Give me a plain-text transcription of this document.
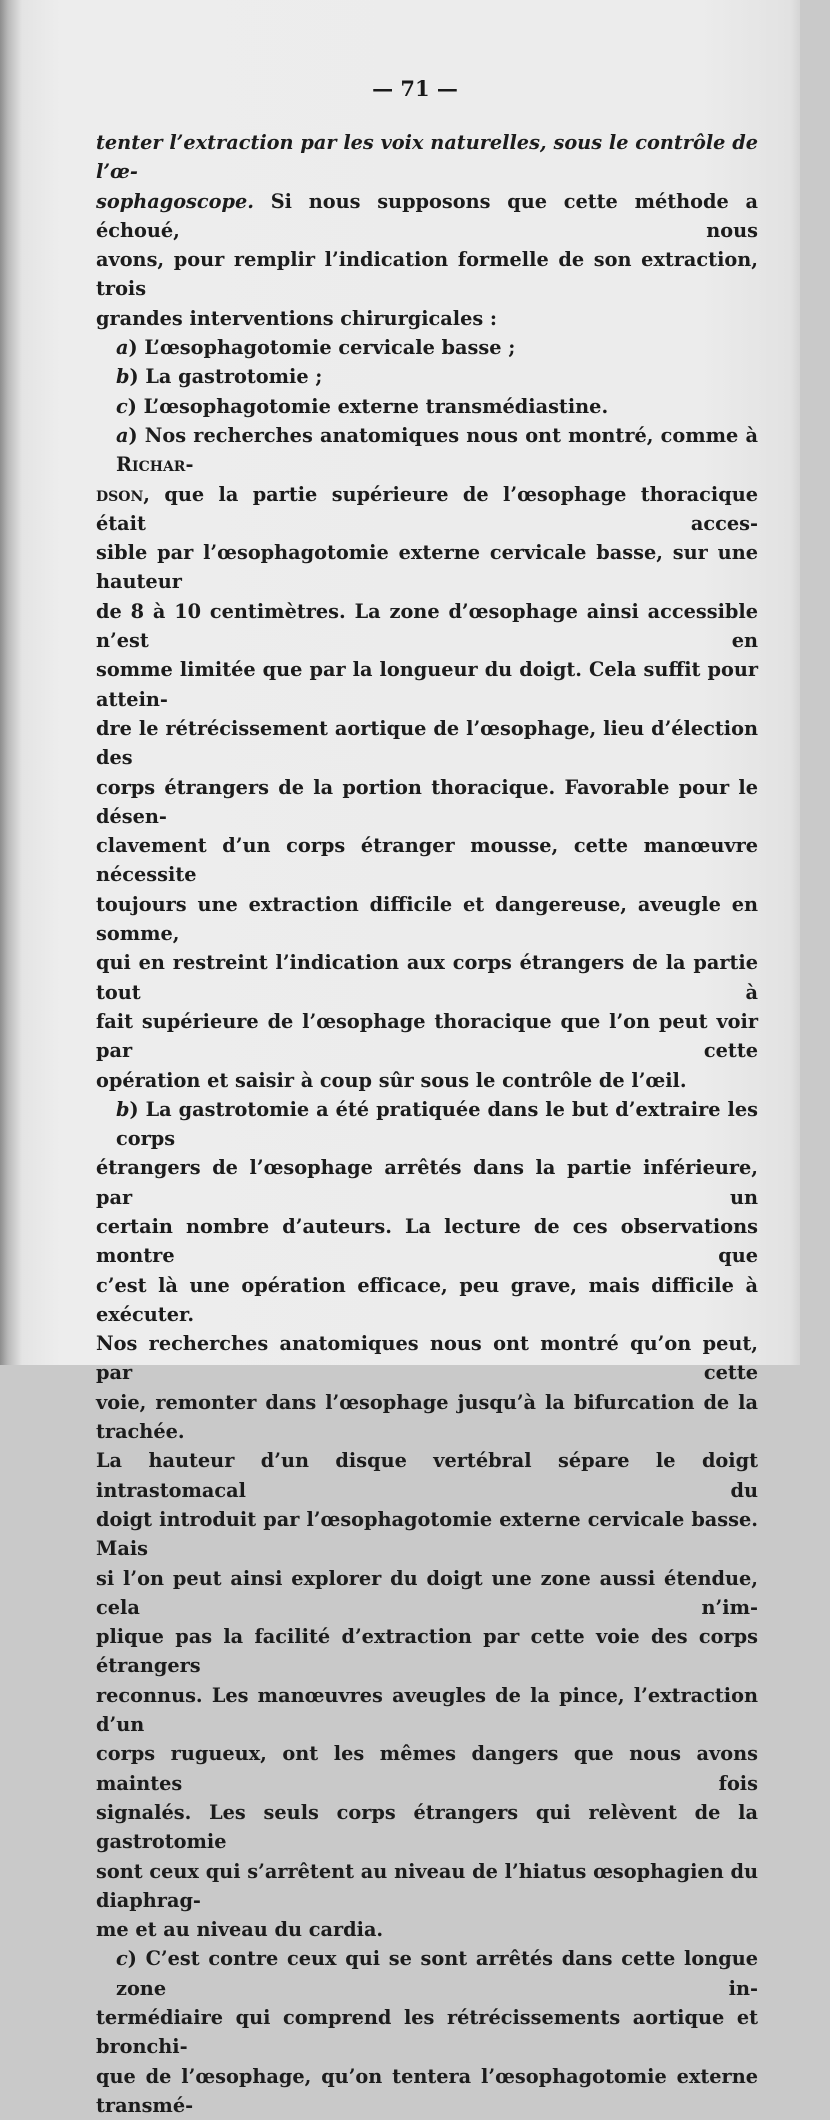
— 71 —
tenter l’extraction par les voix naturelles, sous le contrôle de l’œ-
sophagoscope. Si nous supposons que cette méthode a échoué, nous
avons, pour remplir l’indication formelle de son extraction, trois
grandes interventions chirurgicales :
a) L’œsophagotomie cervicale basse ;
b) La gastrotomie ;
c) L’œsophagotomie externe transmédiastine.
a) Nos recherches anatomiques nous ont montré, comme à Richar-
dson, que la partie supérieure de l’œsophage thoracique était acces-
sible par l’œsophagotomie externe cervicale basse, sur une hauteur
de 8 à 10 centimètres. La zone d’œsophage ainsi accessible n’est en
somme limitée que par la longueur du doigt. Cela suffit pour attein-
dre le rétrécissement aortique de l’œsophage, lieu d’élection des
corps étrangers de la portion thoracique. Favorable pour le désen-
clavement d’un corps étranger mousse, cette manœuvre nécessite
toujours une extraction difficile et dangereuse, aveugle en somme,
qui en restreint l’indication aux corps étrangers de la partie tout à
fait supérieure de l’œsophage thoracique que l’on peut voir par cette
opération et saisir à coup sûr sous le contrôle de l’œil.
b) La gastrotomie a été pratiquée dans le but d’extraire les corps
étrangers de l’œsophage arrêtés dans la partie inférieure, par un
certain nombre d’auteurs. La lecture de ces observations montre que
c’est là une opération efficace, peu grave, mais difficile à exécuter.
Nos recherches anatomiques nous ont montré qu’on peut, par cette
voie, remonter dans l’œsophage jusqu’à la bifurcation de la trachée.
La hauteur d’un disque vertébral sépare le doigt intrastomacal du
doigt introduit par l’œsophagotomie externe cervicale basse. Mais
si l’on peut ainsi explorer du doigt une zone aussi étendue, cela n’im-
plique pas la facilité d’extraction par cette voie des corps étrangers
reconnus. Les manœuvres aveugles de la pince, l’extraction d’un
corps rugueux, ont les mêmes dangers que nous avons maintes fois
signalés. Les seuls corps étrangers qui relèvent de la gastrotomie
sont ceux qui s’arrêtent au niveau de l’hiatus œsophagien du diaphrag-
me et au niveau du cardia.
c) C’est contre ceux qui se sont arrêtés dans cette longue zone in-
termédiaire qui comprend les rétrécissements aortique et bronchi-
que de l’œsophage, qu’on tentera l’œsophagotomie externe transmé-
